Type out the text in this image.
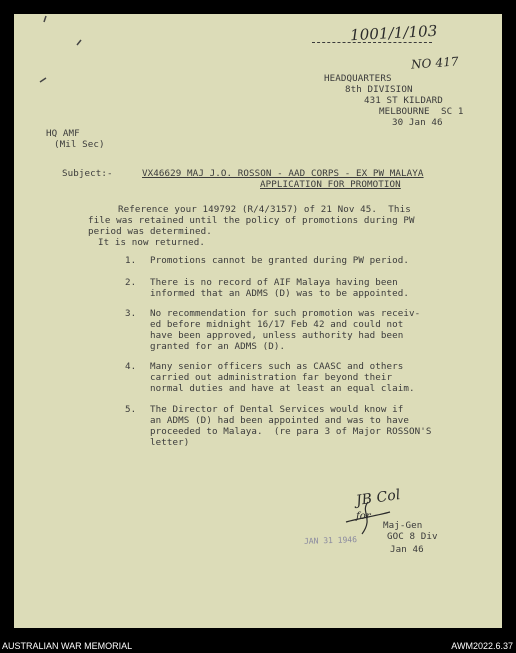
1001/1/103
NO 417
HEADQUARTERS
8th DIVISION
431 ST KILDARD
MELBOURNE  SC 1
30 Jan 46
HQ AMF
(Mil Sec)
Subject:-	VX46629 MAJ J.O. ROSSON - AAD CORPS - EX PW MALAYA
APPLICATION FOR PROMOTION
Reference your 149792 (R/4/3157) of 21 Nov 45.  This
file was retained until the policy of promotions during PW
period was determined.
It is now returned.
1. Promotions cannot be granted during PW period.
2. There is no record of AIF Malaya having been
informed that an ADMS (D) was to be appointed.
3. No recommendation for such promotion was receiv-
ed before midnight 16/17 Feb 42 and could not
have been approved, unless authority had been
granted for an ADMS (D).
4. Many senior officers such as CAASC and others
carried out administration far beyond their
normal duties and have at least an equal claim.
5. The Director of Dental Services would know if
an ADMS (D) had been appointed and was to have
proceeded to Malaya.  (re para 3 of Major ROSSON'S
letter)
JB Col
for
Maj-Gen
GOC 8 Div
JAN 31 1946
Jan 46
AUSTRALIAN WAR MEMORIAL	AWM2022.6.37
